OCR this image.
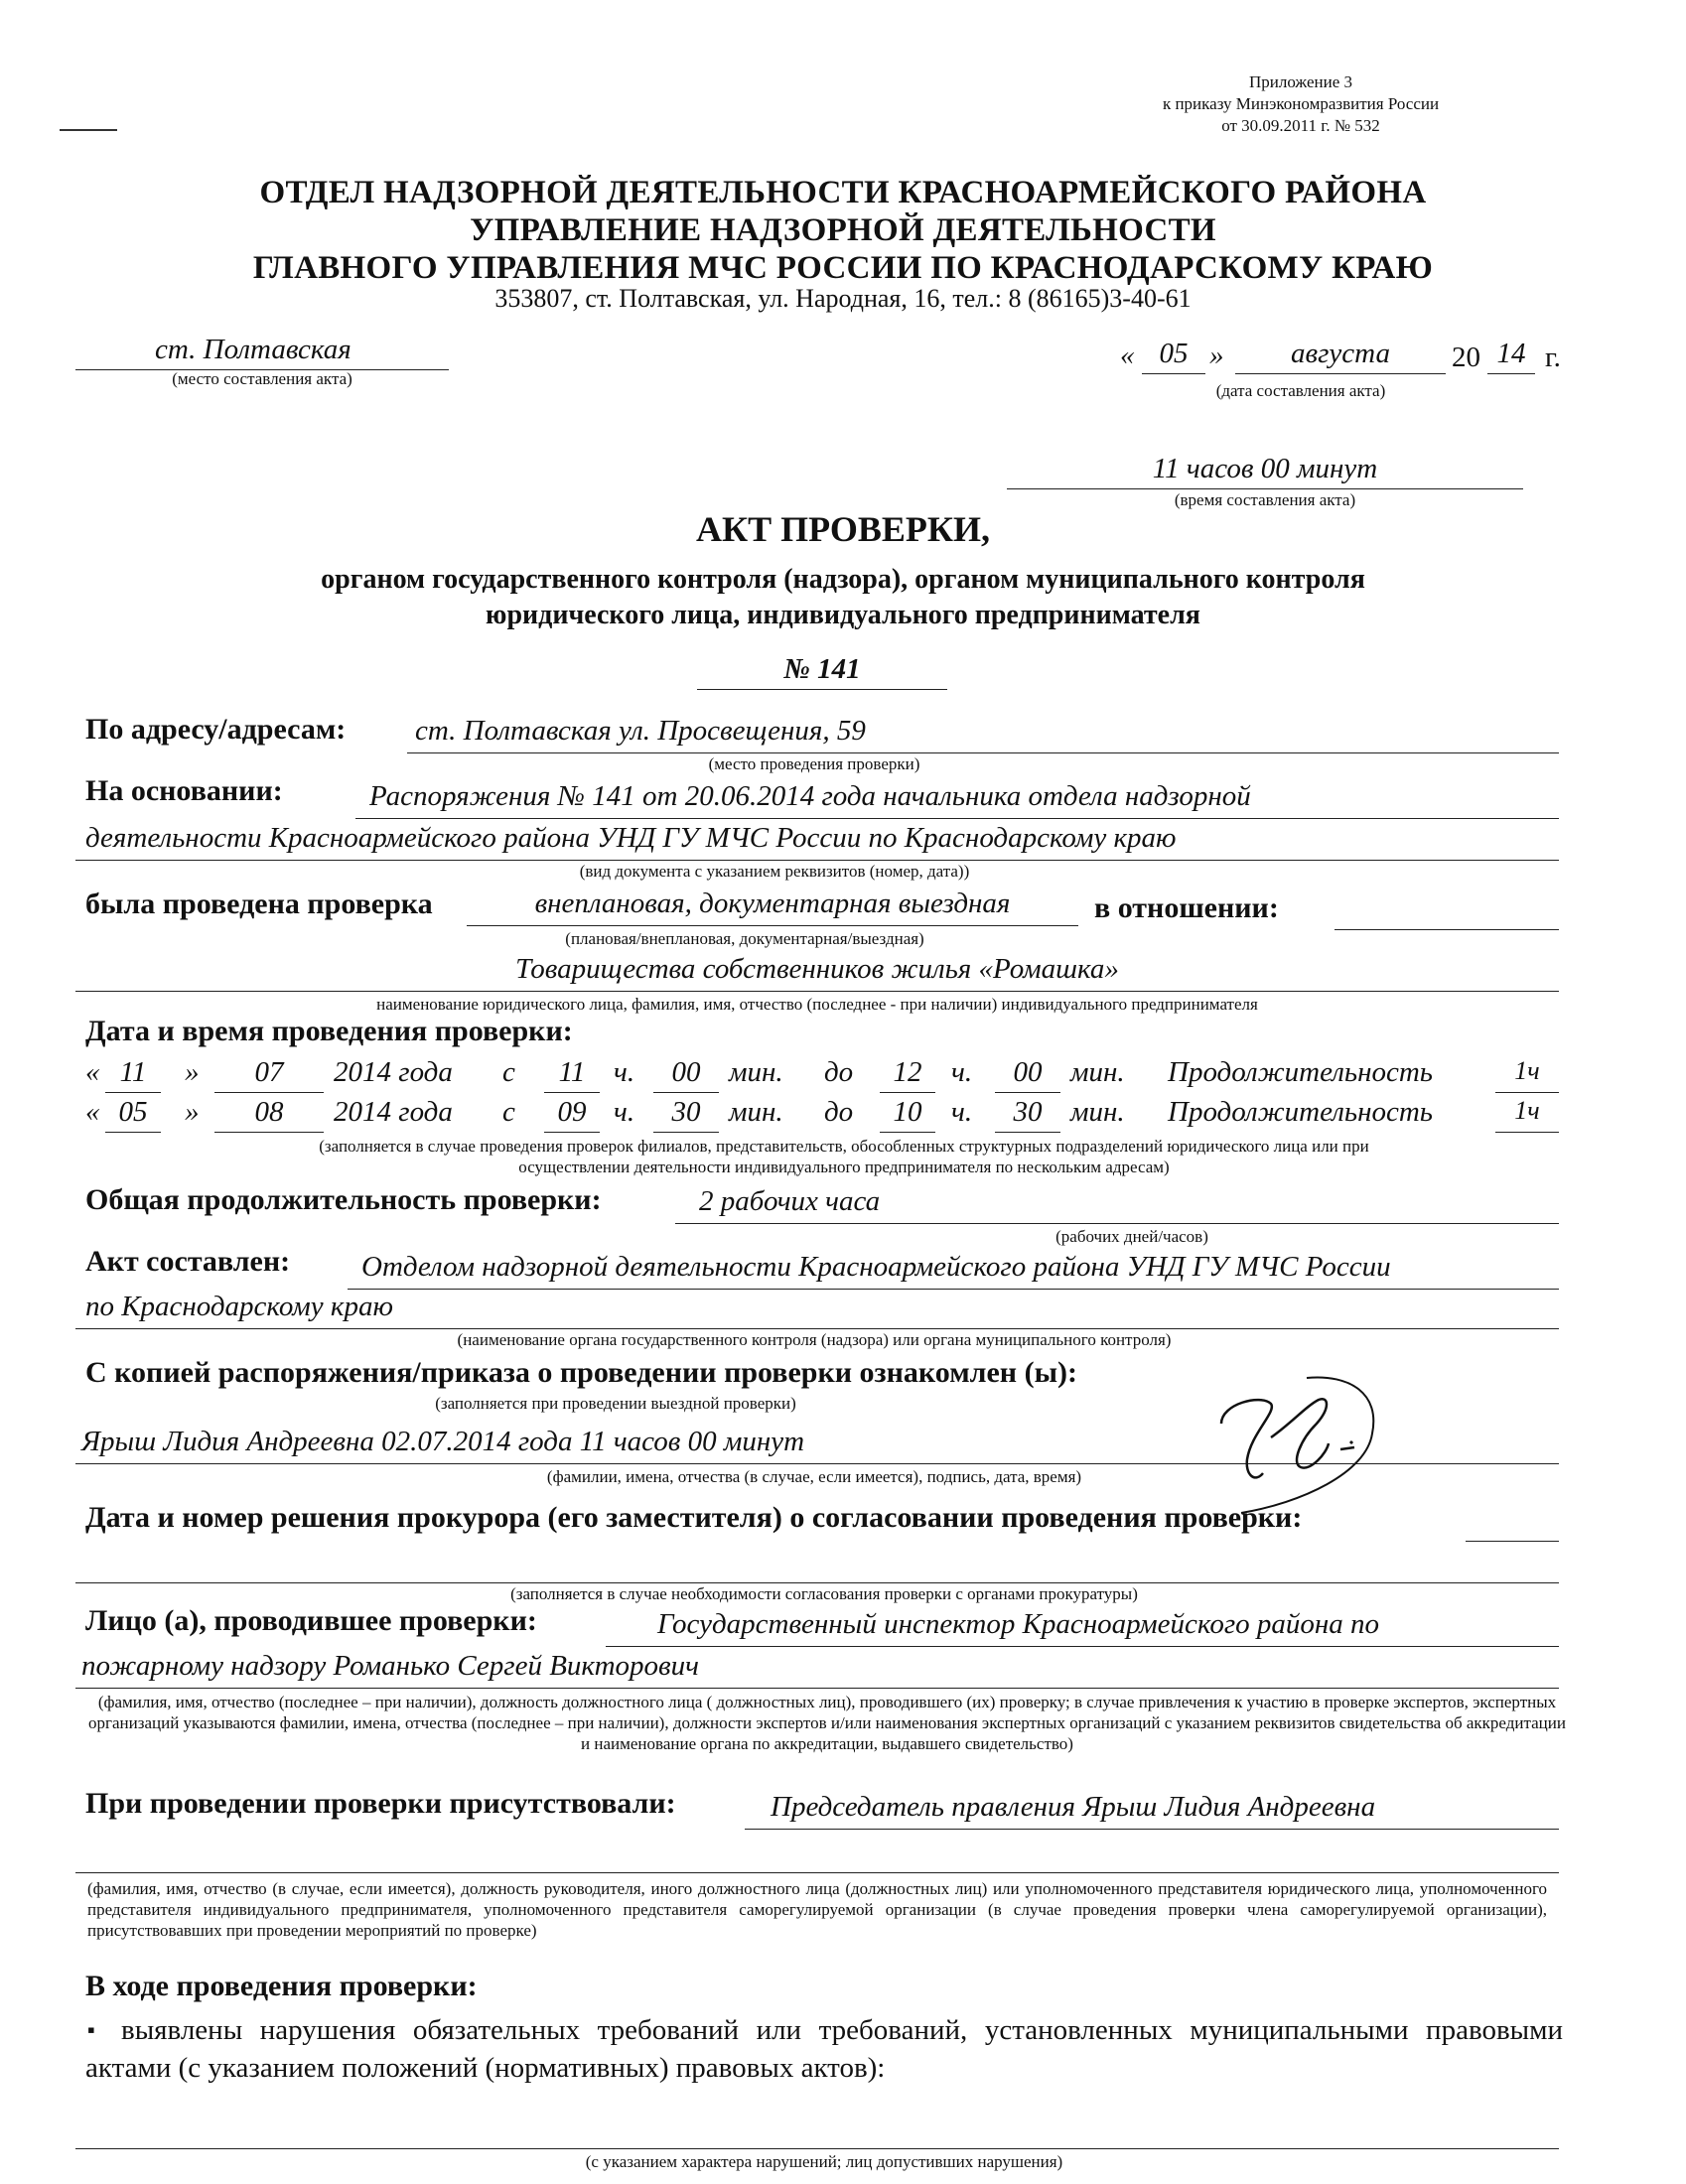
Приложение 3
к приказу Минэкономразвития России
от 30.09.2011 г. № 532
ОТДЕЛ НАДЗОРНОЙ ДЕЯТЕЛЬНОСТИ КРАСНОАРМЕЙСКОГО РАЙОНА
УПРАВЛЕНИЕ НАДЗОРНОЙ ДЕЯТЕЛЬНОСТИ
ГЛАВНОГО УПРАВЛЕНИЯ МЧС РОССИИ ПО КРАСНОДАРСКОМУ КРАЮ
353807, ст. Полтавская, ул. Народная, 16, тел.: 8 (86165)3-40-61
ст. Полтавская
(место составления акта)
« 05 »	августа	20 14 г.
(дата составления акта)
11 часов 00 минут
(время составления акта)
АКТ ПРОВЕРКИ,
органом государственного контроля (надзора), органом муниципального контроля
юридического лица, индивидуального предпринимателя
№ 141
По адресу/адресам: ст. Полтавская ул. Просвещения, 59
(место проведения проверки)
На основании:	Распоряжения № 141 от 20.06.2014 года начальника отдела надзорной
деятельности Красноармейского района УНД ГУ МЧС России по Краснодарскому краю
(вид документа с указанием реквизитов (номер, дата))
была проведена проверка	внеплановая, документарная выездная	в отношении:
(плановая/внеплановая, документарная/выездная)
Товарищества собственников жилья «Ромашка»
наименование юридического лица, фамилия, имя, отчество (последнее - при наличии) индивидуального предпринимателя
Дата и время проведения проверки:
« 11	»	07	2014 года с	11 ч.	00 мин. до	12	ч.	00 мин. Продолжительность	1ч
« 05	»	08	2014 года с	09 ч.	30 мин. до	10	ч.	30 мин. Продолжительность	1ч
(заполняется в случае проведения проверок филиалов, представительств, обособленных структурных подразделений юридического лица или при
осуществлении деятельности индивидуального предпринимателя по нескольким адресам)
Общая продолжительность проверки:	2 рабочих часа
(рабочих дней/часов)
Акт составлен: Отделом надзорной деятельности Красноармейского района УНД ГУ МЧС России
по Краснодарскому краю
(наименование органа государственного контроля (надзора) или органа муниципального контроля)
С копией распоряжения/приказа о проведении проверки ознакомлен (ы):
(заполняется при проведении выездной проверки)
Ярыш Лидия Андреевна 02.07.2014 года 11 часов 00 минут
(фамилии, имена, отчества (в случае, если имеется), подпись, дата, время)
Дата и номер решения прокурора (его заместителя) о согласовании проведения проверки:
(заполняется в случае необходимости согласования проверки с органами прокуратуры)
Лицо (а), проводившее проверки:	Государственный инспектор Красноармейского района по
пожарному надзору Романько Сергей Викторович
(фамилия, имя, отчество (последнее – при наличии), должность должностного лица ( должностных лиц), проводившего (их) проверку; в случае привлечения к участию в проверке экспертов, экспертных организаций указываются фамилии, имена, отчества (последнее – при наличии), должности экспертов и/или наименования экспертных организаций с указанием реквизитов свидетельства об аккредитации и наименование органа по аккредитации, выдавшего свидетельство)
При проведении проверки присутствовали:	Председатель правления Ярыш Лидия Андреевна
(фамилия, имя, отчество (в случае, если имеется), должность руководителя, иного должностного лица (должностных лиц) или уполномоченного представителя юридического лица, уполномоченного представителя индивидуального предпринимателя, уполномоченного представителя саморегулируемой организации (в случае проведения проверки члена саморегулируемой организации), присутствовавших при проведении мероприятий по проверке)
В ходе проведения проверки:
▪ выявлены нарушения обязательных требований или требований, установленных муниципальными правовыми актами (с указанием положений (нормативных) правовых актов):
(с указанием характера нарушений; лиц допустивших нарушения)
